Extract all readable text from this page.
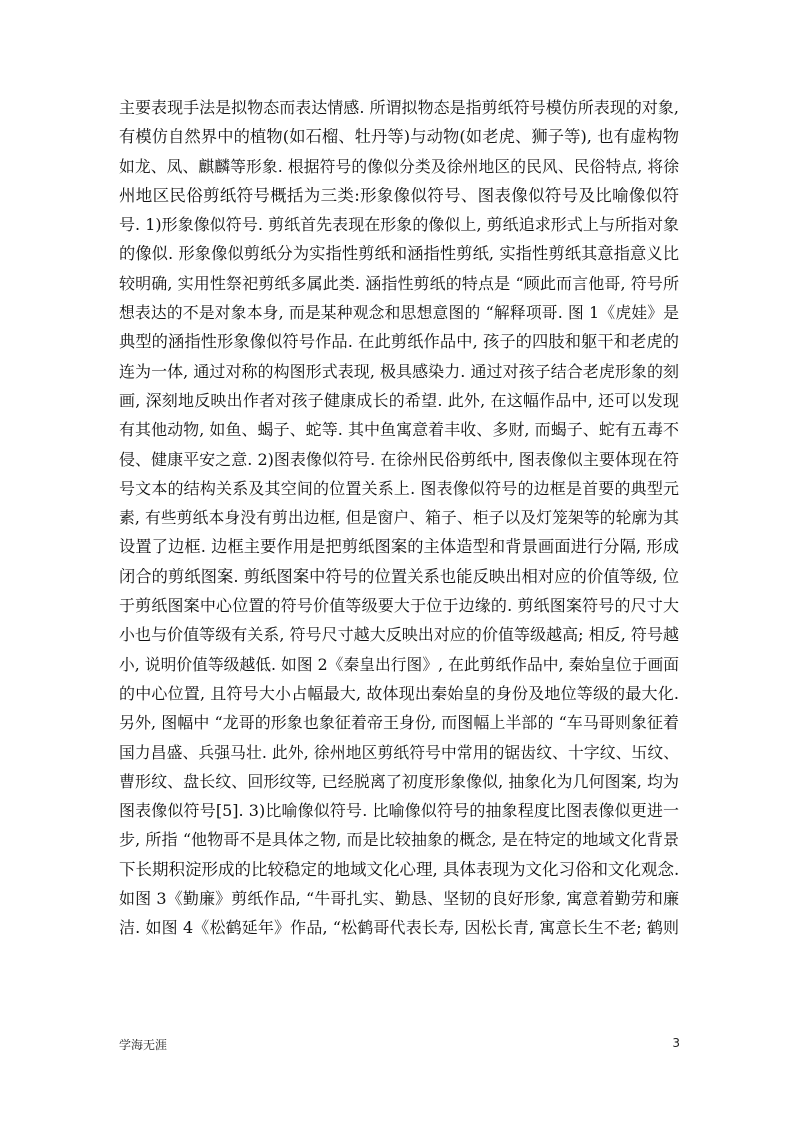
主要表现手法是拟物态而表达情感. 所谓拟物态是指剪纸符号模仿所表现的对象,
有模仿自然界中的植物(如石榴、牡丹等)与动物(如老虎、狮子等), 也有虚构物
如龙、凤、麒麟等形象. 根据符号的像似分类及徐州地区的民风、民俗特点, 将徐
州地区民俗剪纸符号概括为三类:形象像似符号、图表像似符号及比喻像似符
号. 1)形象像似符号. 剪纸首先表现在形象的像似上, 剪纸追求形式上与所指对象
的像似. 形象像似剪纸分为实指性剪纸和涵指性剪纸, 实指性剪纸其意指意义比
较明确, 实用性祭祀剪纸多属此类. 涵指性剪纸的特点是 “顾此而言他哥, 符号所
想表达的不是对象本身, 而是某种观念和思想意图的 “解释项哥. 图 1《虎娃》是
典型的涵指性形象像似符号作品. 在此剪纸作品中, 孩子的四肢和躯干和老虎的
连为一体, 通过对称的构图形式表现, 极具感染力. 通过对孩子结合老虎形象的刻
画, 深刻地反映出作者对孩子健康成长的希望. 此外, 在这幅作品中, 还可以发现
有其他动物, 如鱼、蝎子、蛇等. 其中鱼寓意着丰收、多财, 而蝎子、蛇有五毒不
侵、健康平安之意. 2)图表像似符号. 在徐州民俗剪纸中, 图表像似主要体现在符
号文本的结构关系及其空间的位置关系上. 图表像似符号的边框是首要的典型元
素, 有些剪纸本身没有剪出边框, 但是窗户、箱子、柜子以及灯笼架等的轮廓为其
设置了边框. 边框主要作用是把剪纸图案的主体造型和背景画面进行分隔, 形成
闭合的剪纸图案. 剪纸图案中符号的位置关系也能反映出相对应的价值等级, 位
于剪纸图案中心位置的符号价值等级要大于位于边缘的. 剪纸图案符号的尺寸大
小也与价值等级有关系, 符号尺寸越大反映出对应的价值等级越高; 相反, 符号越
小, 说明价值等级越低. 如图 2《秦皇出行图》, 在此剪纸作品中, 秦始皇位于画面
的中心位置, 且符号大小占幅最大, 故体现出秦始皇的身份及地位等级的最大化.
另外, 图幅中 “龙哥的形象也象征着帝王身份, 而图幅上半部的 “车马哥则象征着
国力昌盛、兵强马壮. 此外, 徐州地区剪纸符号中常用的锯齿纹、十字纹、卐纹、
曹形纹、盘长纹、回形纹等, 已经脱离了初度形象像似, 抽象化为几何图案, 均为
图表像似符号[5]. 3)比喻像似符号. 比喻像似符号的抽象程度比图表像似更进一
步, 所指 “他物哥不是具体之物, 而是比较抽象的概念, 是在特定的地域文化背景
下长期积淀形成的比较稳定的地域文化心理, 具体表现为文化习俗和文化观念.
如图 3《勤廉》剪纸作品, “牛哥扎实、勤恳、坚韧的良好形象, 寓意着勤劳和廉
洁. 如图 4《松鹤延年》作品, “松鹤哥代表长寿, 因松长青, 寓意长生不老; 鹤则
学海无涯	3
